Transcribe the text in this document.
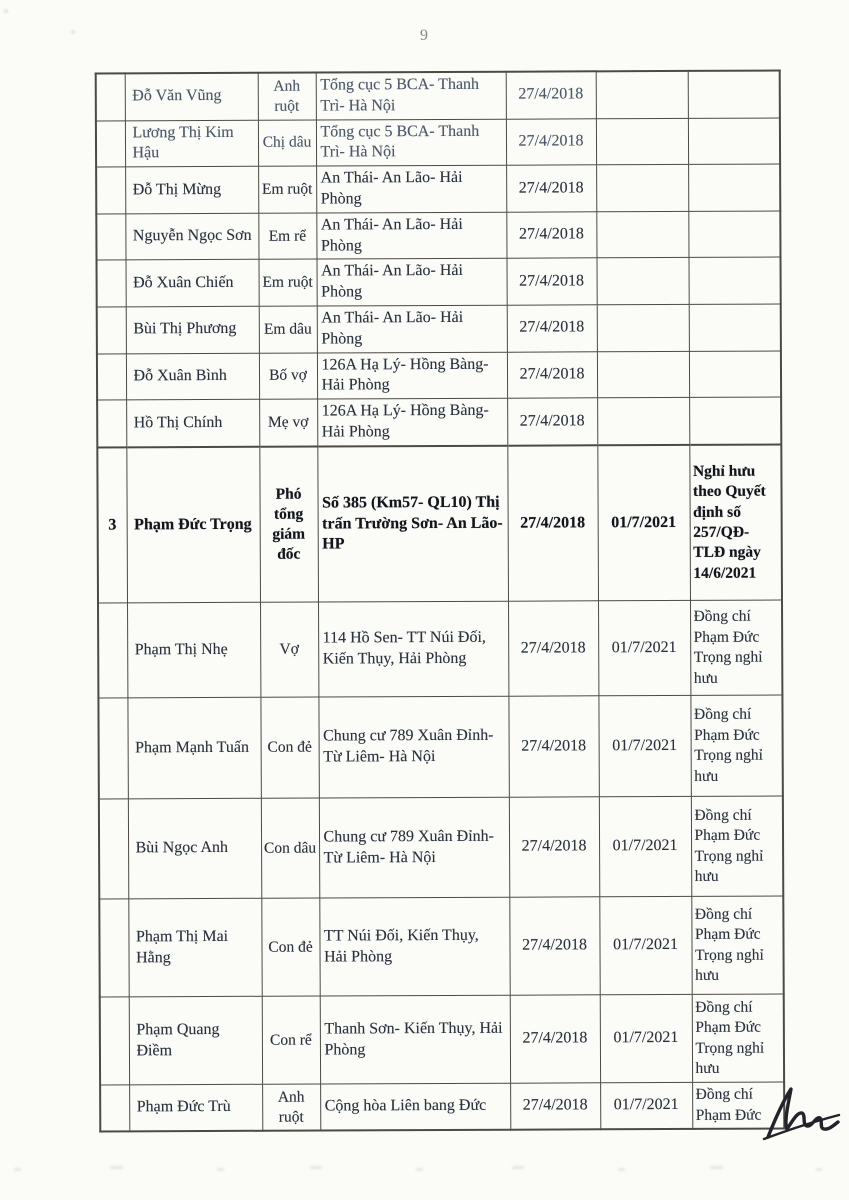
9
	Đỗ Văn Vũng	Anh ruột	Tổng cục 5 BCA- Thanh Trì- Hà Nội	27/4/2018		
	Lương Thị Kim Hậu	Chị dâu	Tổng cục 5 BCA- Thanh Trì- Hà Nội	27/4/2018		
	Đỗ Thị Mừng	Em ruột	An Thái- An Lão- Hải Phòng	27/4/2018		
	Nguyễn Ngọc Sơn	Em rể	An Thái- An Lão- Hải Phòng	27/4/2018		
	Đỗ Xuân Chiến	Em ruột	An Thái- An Lão- Hải Phòng	27/4/2018		
	Bùi Thị Phương	Em dâu	An Thái- An Lão- Hải Phòng	27/4/2018		
	Đỗ Xuân Bình	Bố vợ	126A Hạ Lý- Hồng Bàng- Hải Phòng	27/4/2018		
	Hồ Thị Chính	Mẹ vợ	126A Hạ Lý- Hồng Bàng- Hải Phòng	27/4/2018		
3	Phạm Đức Trọng	Phó tổng giám đốc	Số 385 (Km57- QL10) Thị trấn Trường Sơn- An Lão- HP	27/4/2018	01/7/2021	Nghỉ hưu theo Quyết định số 257/QĐ- TLĐ ngày 14/6/2021
	Phạm Thị Nhẹ	Vợ	114 Hồ Sen- TT Núi Đối, Kiến Thụy, Hải Phòng	27/4/2018	01/7/2021	Đồng chí Phạm Đức Trọng nghỉ hưu
	Phạm Mạnh Tuấn	Con đẻ	Chung cư 789 Xuân Đỉnh- Từ Liêm- Hà Nội	27/4/2018	01/7/2021	Đồng chí Phạm Đức Trọng nghỉ hưu
	Bùi Ngọc Anh	Con dâu	Chung cư 789 Xuân Đỉnh- Từ Liêm- Hà Nội	27/4/2018	01/7/2021	Đồng chí Phạm Đức Trọng nghỉ hưu
	Phạm Thị Mai Hằng	Con đẻ	TT Núi Đối, Kiến Thụy, Hải Phòng	27/4/2018	01/7/2021	Đồng chí Phạm Đức Trọng nghỉ hưu
	Phạm Quang Điềm	Con rể	Thanh Sơn- Kiến Thụy, Hải Phòng	27/4/2018	01/7/2021	Đồng chí Phạm Đức Trọng nghỉ hưu
	Phạm Đức Trù	Anh ruột	Cộng hòa Liên bang Đức	27/4/2018	01/7/2021	Đồng chí Phạm Đức
